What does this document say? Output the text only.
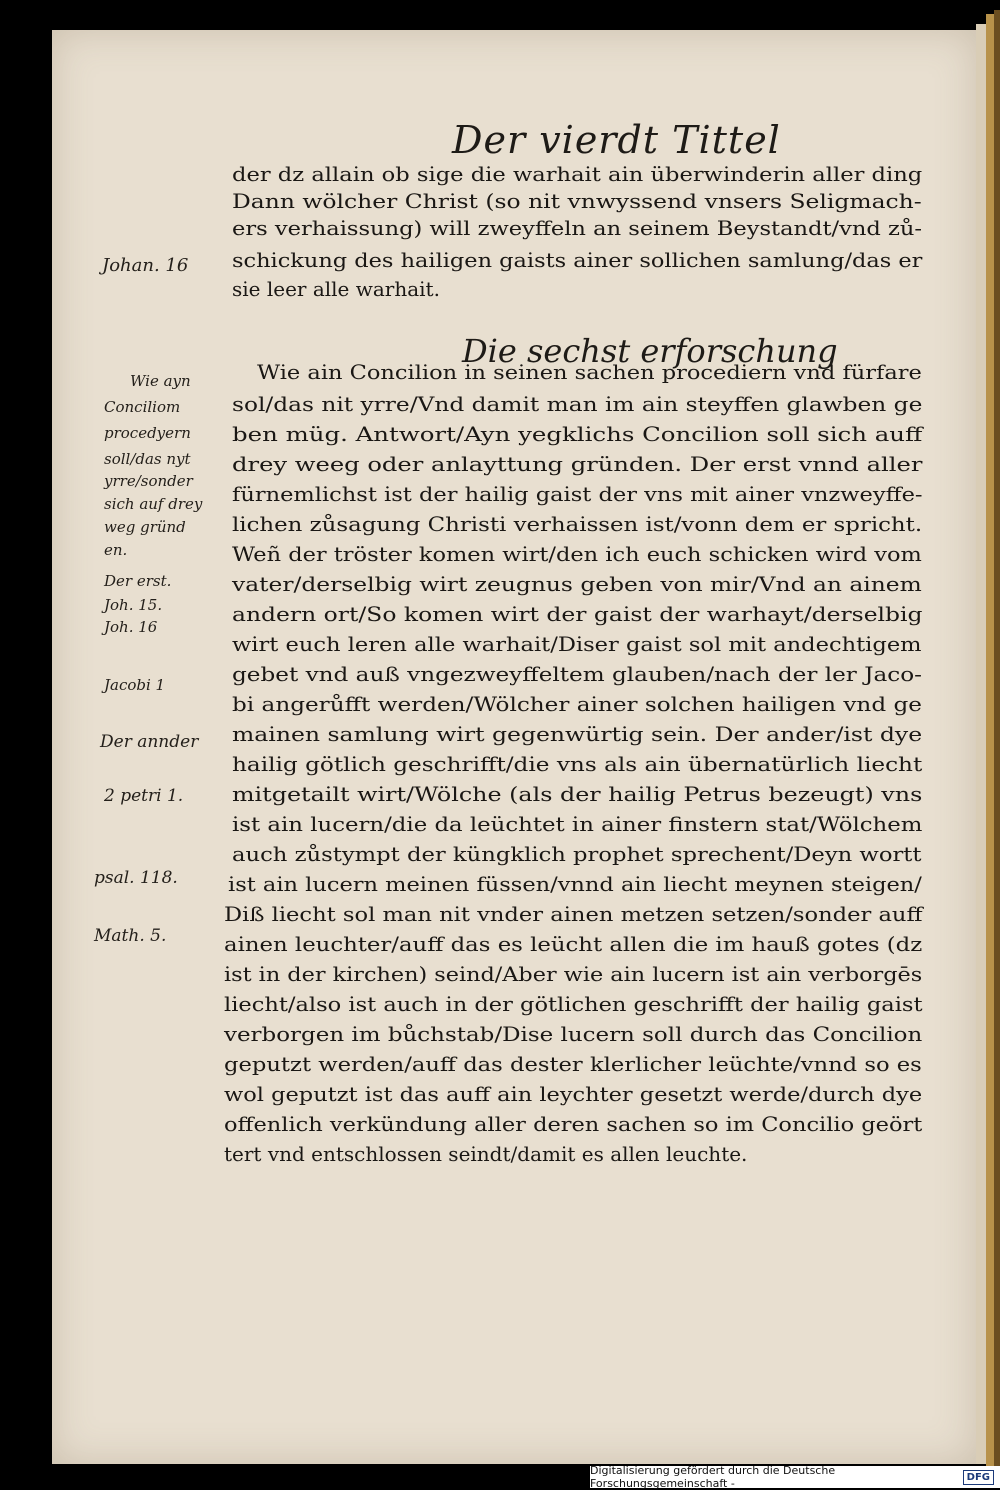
Der vierdt Tittel
Die sechst erforschung
der dz allain ob sige die warhait ain überwinderin aller ding
Dann wölcher Christ (so nit vnwyssend vnsers Seligmach-
ers verhaissung) will zweyffeln an seinem Beystandt/vnd zů-
schickung des hailigen gaists ainer sollichen samlung/das er
sie leer alle warhait.
Wie ain Concilion in seinen sachen procediern vnd fürfare
sol/das nit yrre/Vnd damit man im ain steyffen glawben ge
ben müg. Antwort/Ayn yegklichs Concilion soll sich auff
drey weeg oder anlayttung gründen. Der erst vnnd aller
fürnemlichst ist der hailig gaist der vns mit ainer vnzweyffe-
lichen zůsagung Christi verhaissen ist/vonn dem er spricht.
Weñ der tröster komen wirt/den ich euch schicken wird vom
vater/derselbig wirt zeugnus geben von mir/Vnd an ainem
andern ort/So komen wirt der gaist der warhayt/derselbig
wirt euch leren alle warhait/Diser gaist sol mit andechtigem
gebet vnd auß vngezweyffeltem glauben/nach der ler Jaco-
bi angerůfft werden/Wölcher ainer solchen hailigen vnd ge
mainen samlung wirt gegenwürtig sein. Der ander/ist dye
hailig götlich geschrifft/die vns als ain übernatürlich liecht
mitgetailt wirt/Wölche (als der hailig Petrus bezeugt) vns
ist ain lucern/die da leüchtet in ainer finstern stat/Wölchem
auch zůstympt der küngklich prophet sprechent/Deyn wortt
ist ain lucern meinen füssen/vnnd ain liecht meynen steigen/
Diß liecht sol man nit vnder ainen metzen setzen/sonder auff
ainen leuchter/auff das es leücht allen die im hauß gotes (dz
ist in der kirchen) seind/Aber wie ain lucern ist ain verborgēs
liecht/also ist auch in der götlichen geschrifft der hailig gaist
verborgen im bůchstab/Dise lucern soll durch das Concilion
geputzt werden/auff das dester klerlicher leüchte/vnnd so es
wol geputzt ist das auff ain leychter gesetzt werde/durch dye
offenlich verkündung aller deren sachen so im Concilio geört
tert vnd entschlossen seindt/damit es allen leuchte.
Johan. 16
Wie ayn
Conciliom
procedyern
soll/das nyt
yrre/sonder
sich auf drey
weg gründ
en.
Der erst.
Joh. 15.
Joh. 16
Jacobi 1
Der annder
2 petri 1.
psal. 118.
Math. 5.
Digitalisierung gefördert durch die Deutsche Forschungsgemeinschaft -	DFG
